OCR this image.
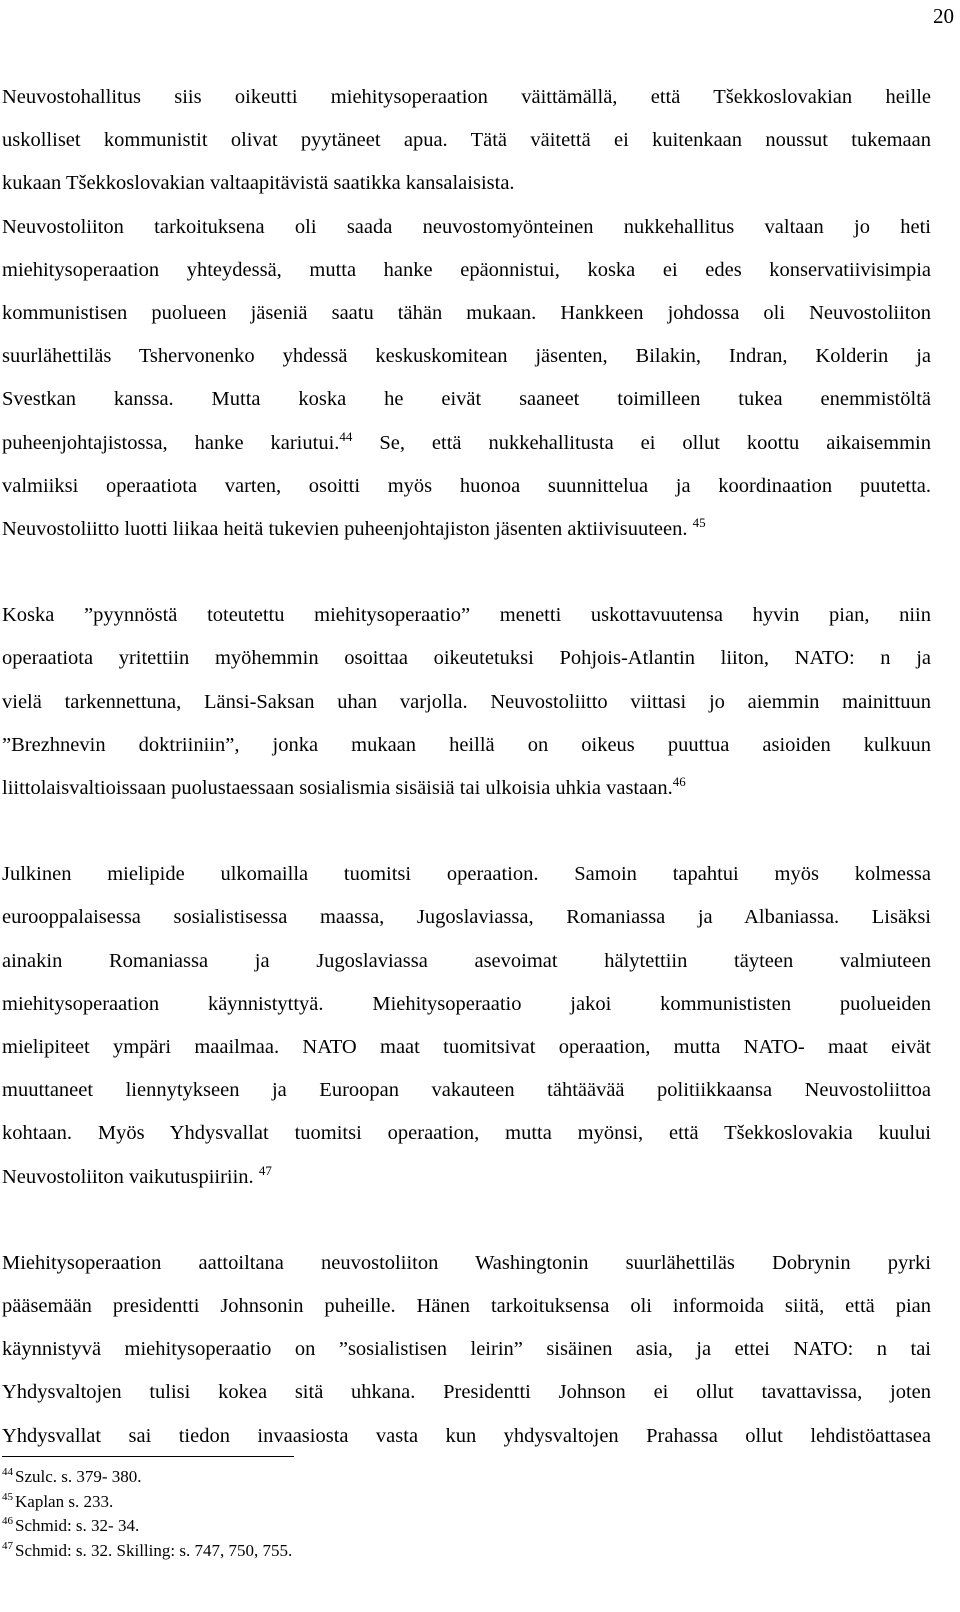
20

Neuvostohallitus siis oikeutti miehitysoperaation väittämällä, että Tšekkoslovakian heille
uskolliset kommunistit olivat pyytäneet apua. Tätä väitettä ei kuitenkaan noussut tukemaan
kukaan Tšekkoslovakian valtaapitävistä saatikka kansalaisista.
Neuvostoliiton tarkoituksena oli saada neuvostomyönteinen nukkehallitus valtaan jo heti
miehitysoperaation yhteydessä, mutta hanke epäonnistui, koska ei edes konservatiivisimpia
kommunistisen puolueen jäseniä saatu tähän mukaan. Hankkeen johdossa oli Neuvostoliiton
suurlähettiläs Tshervonenko yhdessä keskuskomitean jäsenten, Bilakin, Indran, Kolderin ja
Svestkan kanssa. Mutta koska he eivät saaneet toimilleen tukea enemmistöltä
puheenjohtajistossa, hanke kariutui.$^{44}$ Se, että nukkehallitusta ei ollut koottu aikaisemmin
valmiiksi operaatiota varten, osoitti myös huonoa suunnittelua ja koordinaation puutetta.
Neuvostoliitto luotti liikaa heitä tukevien puheenjohtajiston jäsenten aktiivisuuteen. $^{45}$

Koska ”pyynnöstä toteutettu miehitysoperaatio” menetti uskottavuutensa hyvin pian, niin
operaatiota yritettiin myöhemmin osoittaa oikeutetuksi Pohjois-Atlantin liiton, NATO: n ja
vielä tarkennettuna, Länsi-Saksan uhan varjolla. Neuvostoliitto viittasi jo aiemmin mainittuun
”Brezhnevin doktriiniin”, jonka mukaan heillä on oikeus puuttua asioiden kulkuun
liittolaisvaltioissaan puolustaessaan sosialismia sisäisiä tai ulkoisia uhkia vastaan.$^{46}$

Julkinen mielipide ulkomailla tuomitsi operaation. Samoin tapahtui myös kolmessa
eurooppalaisessa sosialistisessa maassa, Jugoslaviassa, Romaniassa ja Albaniassa. Lisäksi
ainakin Romaniassa ja Jugoslaviassa asevoimat hälytettiin täyteen valmiuteen
miehitysoperaation käynnistyttyä. Miehitysoperaatio jakoi kommunististen puolueiden
mielipiteet ympäri maailmaa. NATO maat tuomitsivat operaation, mutta NATO- maat eivät
muuttaneet liennytykseen ja Euroopan vakauteen tähtäävää politiikkaansa Neuvostoliittoa
kohtaan. Myös Yhdysvallat tuomitsi operaation, mutta myönsi, että Tšekkoslovakia kuului
Neuvostoliiton vaikutuspiiriin. $^{47}$

Miehitysoperaation aattoiltana neuvostoliiton Washingtonin suurlähettiläs Dobrynin pyrki
pääsemään presidentti Johnsonin puheille. Hänen tarkoituksensa oli informoida siitä, että pian
käynnistyvä miehitysoperaatio on ”sosialistisen leirin” sisäinen asia, ja ettei NATO: n tai
Yhdysvaltojen tulisi kokea sitä uhkana. Presidentti Johnson ei ollut tavattavissa, joten
Yhdysvallat sai tiedon invaasiosta vasta kun yhdysvaltojen Prahassa ollut lehdistöattasea

$^{44}$ Szulc. s. 379- 380.
$^{45}$ Kaplan s. 233.
$^{46}$ Schmid: s. 32- 34.
$^{47}$ Schmid: s. 32. Skilling: s. 747, 750, 755.
